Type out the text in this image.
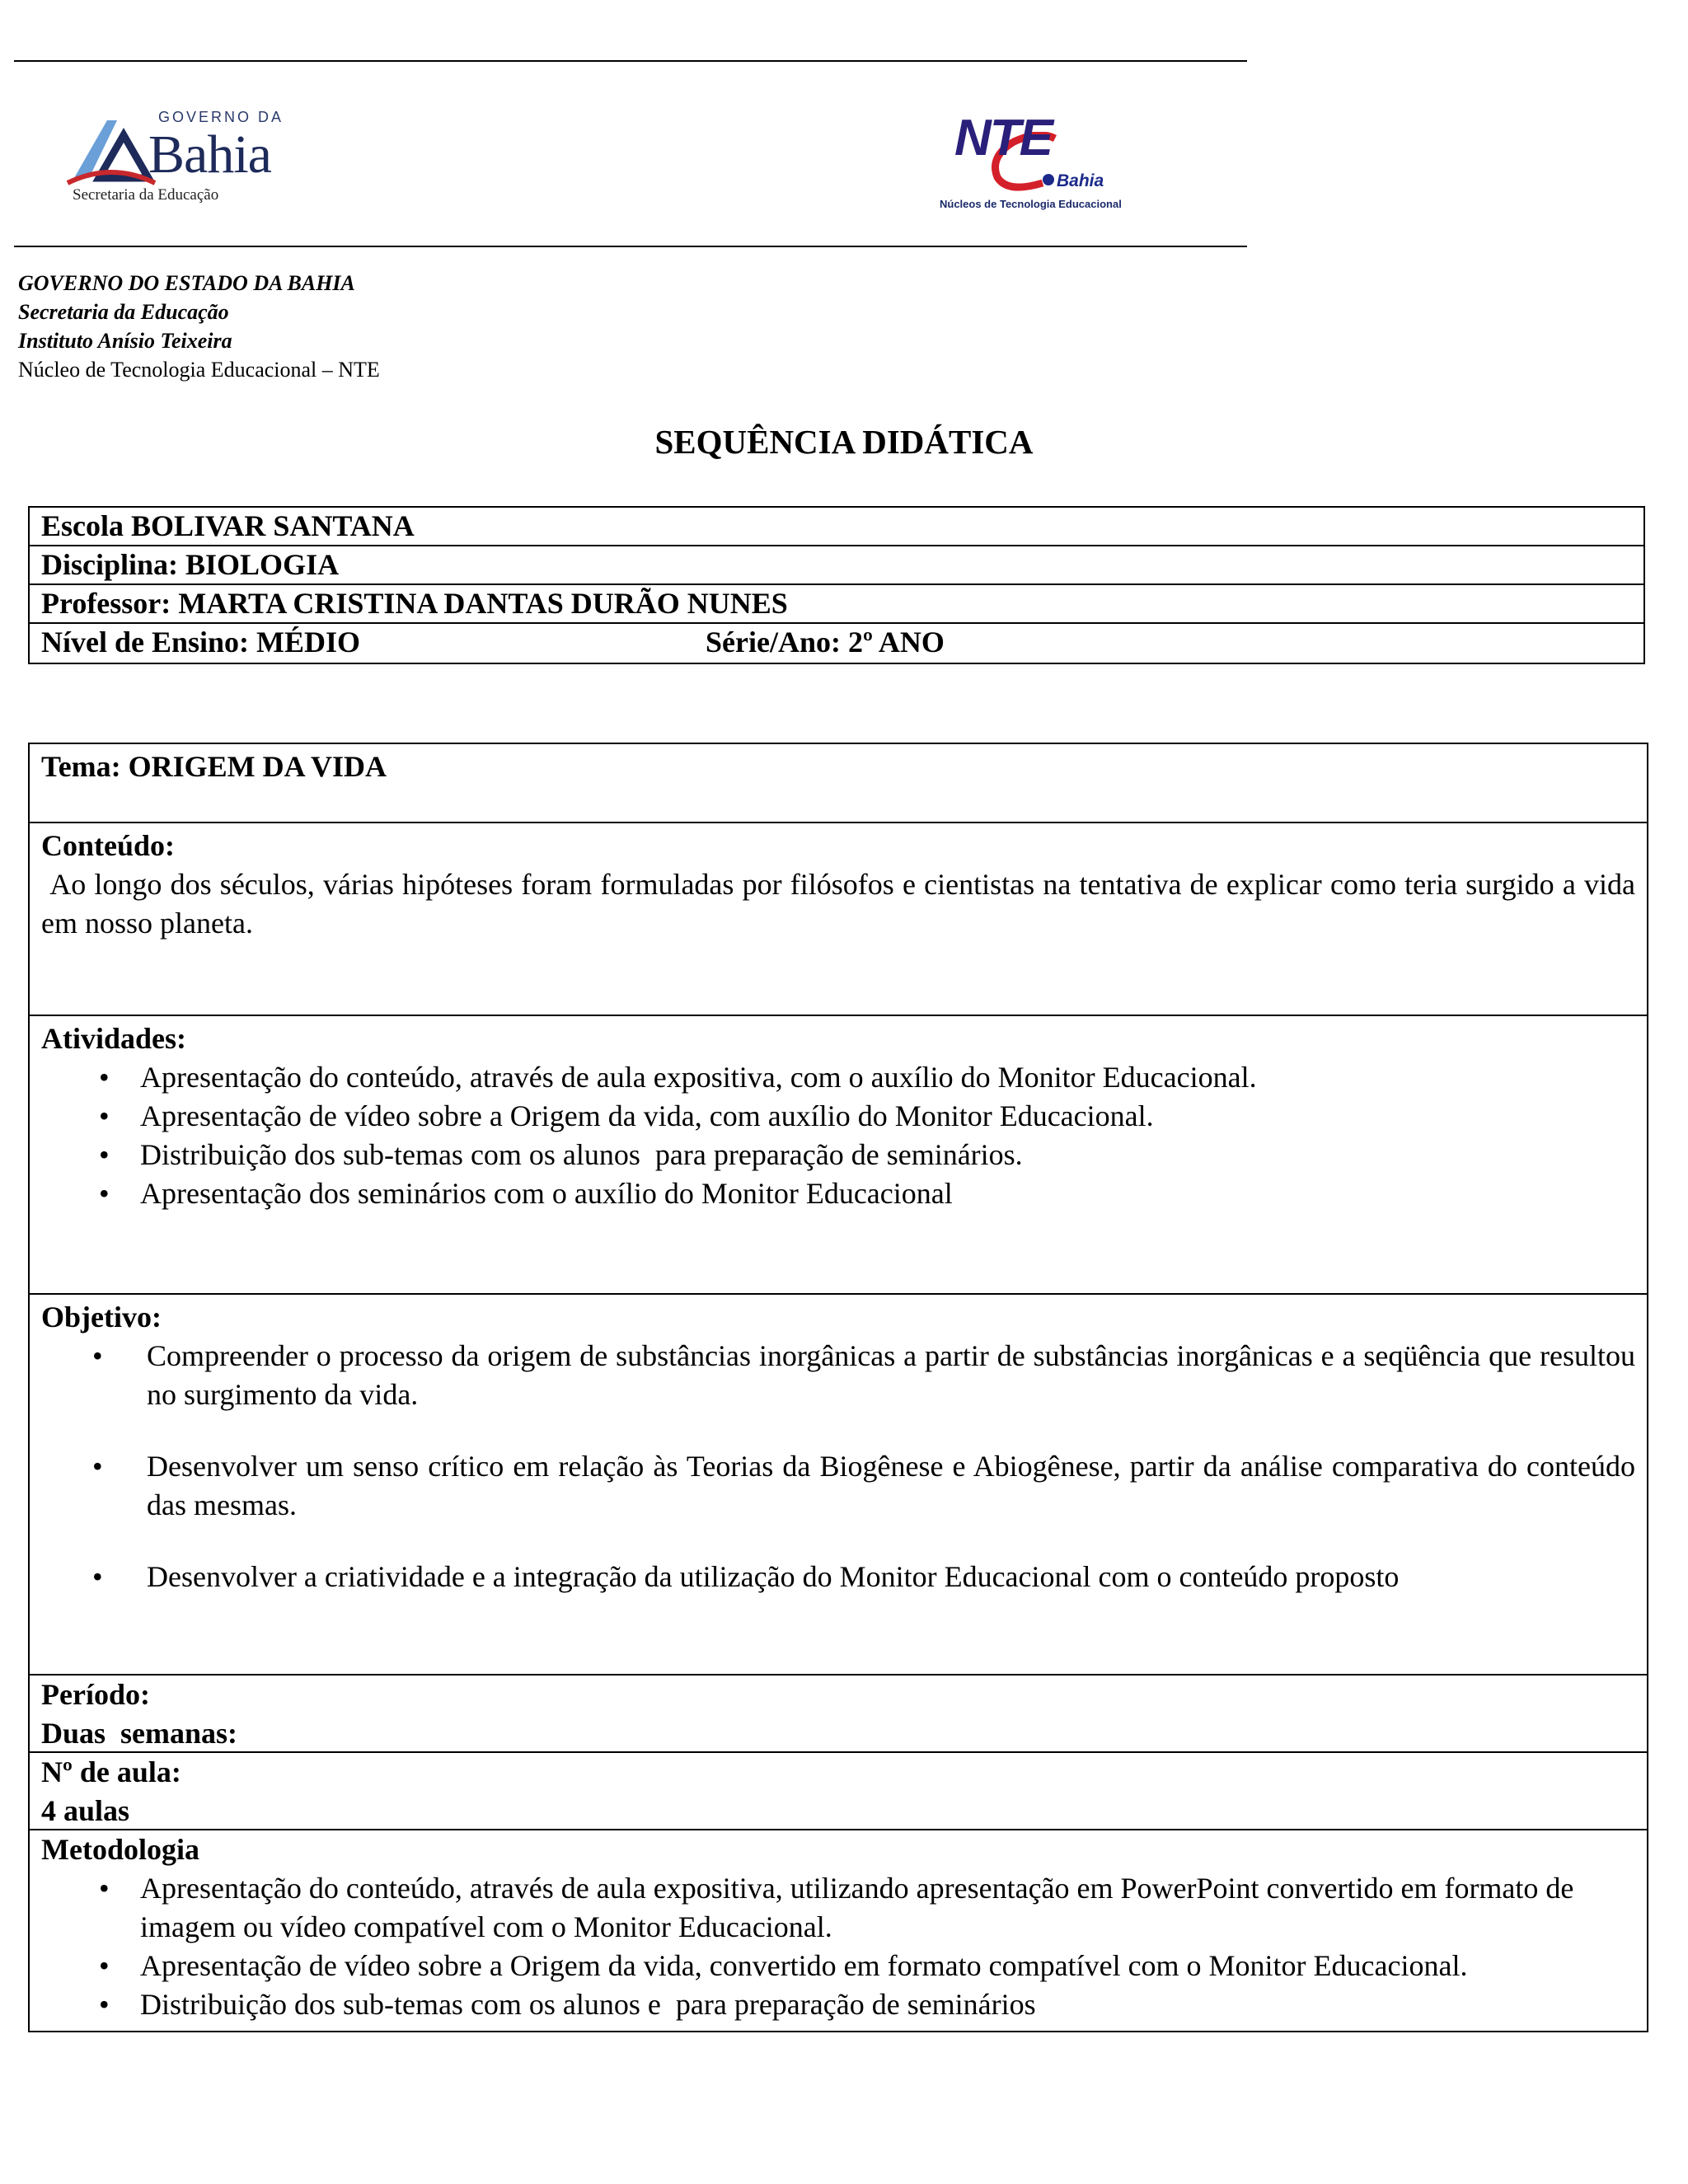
GOVERNO DA
Bahia
Secretaria da Educação
NTE
Bahia
Núcleos de Tecnologia Educacional
GOVERNO DO ESTADO DA BAHIA
Secretaria da Educação
Instituto Anísio Teixeira
Núcleo de Tecnologia Educacional – NTE
SEQUÊNCIA DIDÁTICA
Escola BOLIVAR SANTANA
Disciplina: BIOLOGIA
Professor: MARTA CRISTINA DANTAS DURÃO NUNES
Nível de Ensino: MÉDIO	Série/Ano: 2º ANO
Tema: ORIGEM DA VIDA
Conteúdo:

Ao longo dos séculos, várias hipóteses foram formuladas por filósofos e cientistas na tentativa de explicar como teria surgido a vida em nosso planeta.

Atividades:
• Apresentação do conteúdo, através de aula expositiva, com o auxílio do Monitor Educacional.
• Apresentação de vídeo sobre a Origem da vida, com auxílio do Monitor Educacional.
• Distribuição dos sub-temas com os alunos  para preparação de seminários.
• Apresentação dos seminários com o auxílio do Monitor Educacional
Objetivo:
• Compreender o processo da origem de substâncias inorgânicas a partir de substâncias inorgânicas e a seqüência que resultou no surgimento da vida.
• Desenvolver um senso crítico em relação às Teorias da Biogênese e Abiogênese, partir da análise comparativa do conteúdo das mesmas.
• Desenvolver a criatividade e a integração da utilização do Monitor Educacional com o conteúdo proposto
Período:
Duas  semanas:
Nº de aula:
4 aulas
Metodologia
• Apresentação do conteúdo, através de aula expositiva, utilizando apresentação em PowerPoint convertido em formato de imagem ou vídeo compatível com o Monitor Educacional.
• Apresentação de vídeo sobre a Origem da vida, convertido em formato compatível com o Monitor Educacional.
• Distribuição dos sub-temas com os alunos e  para preparação de seminários
